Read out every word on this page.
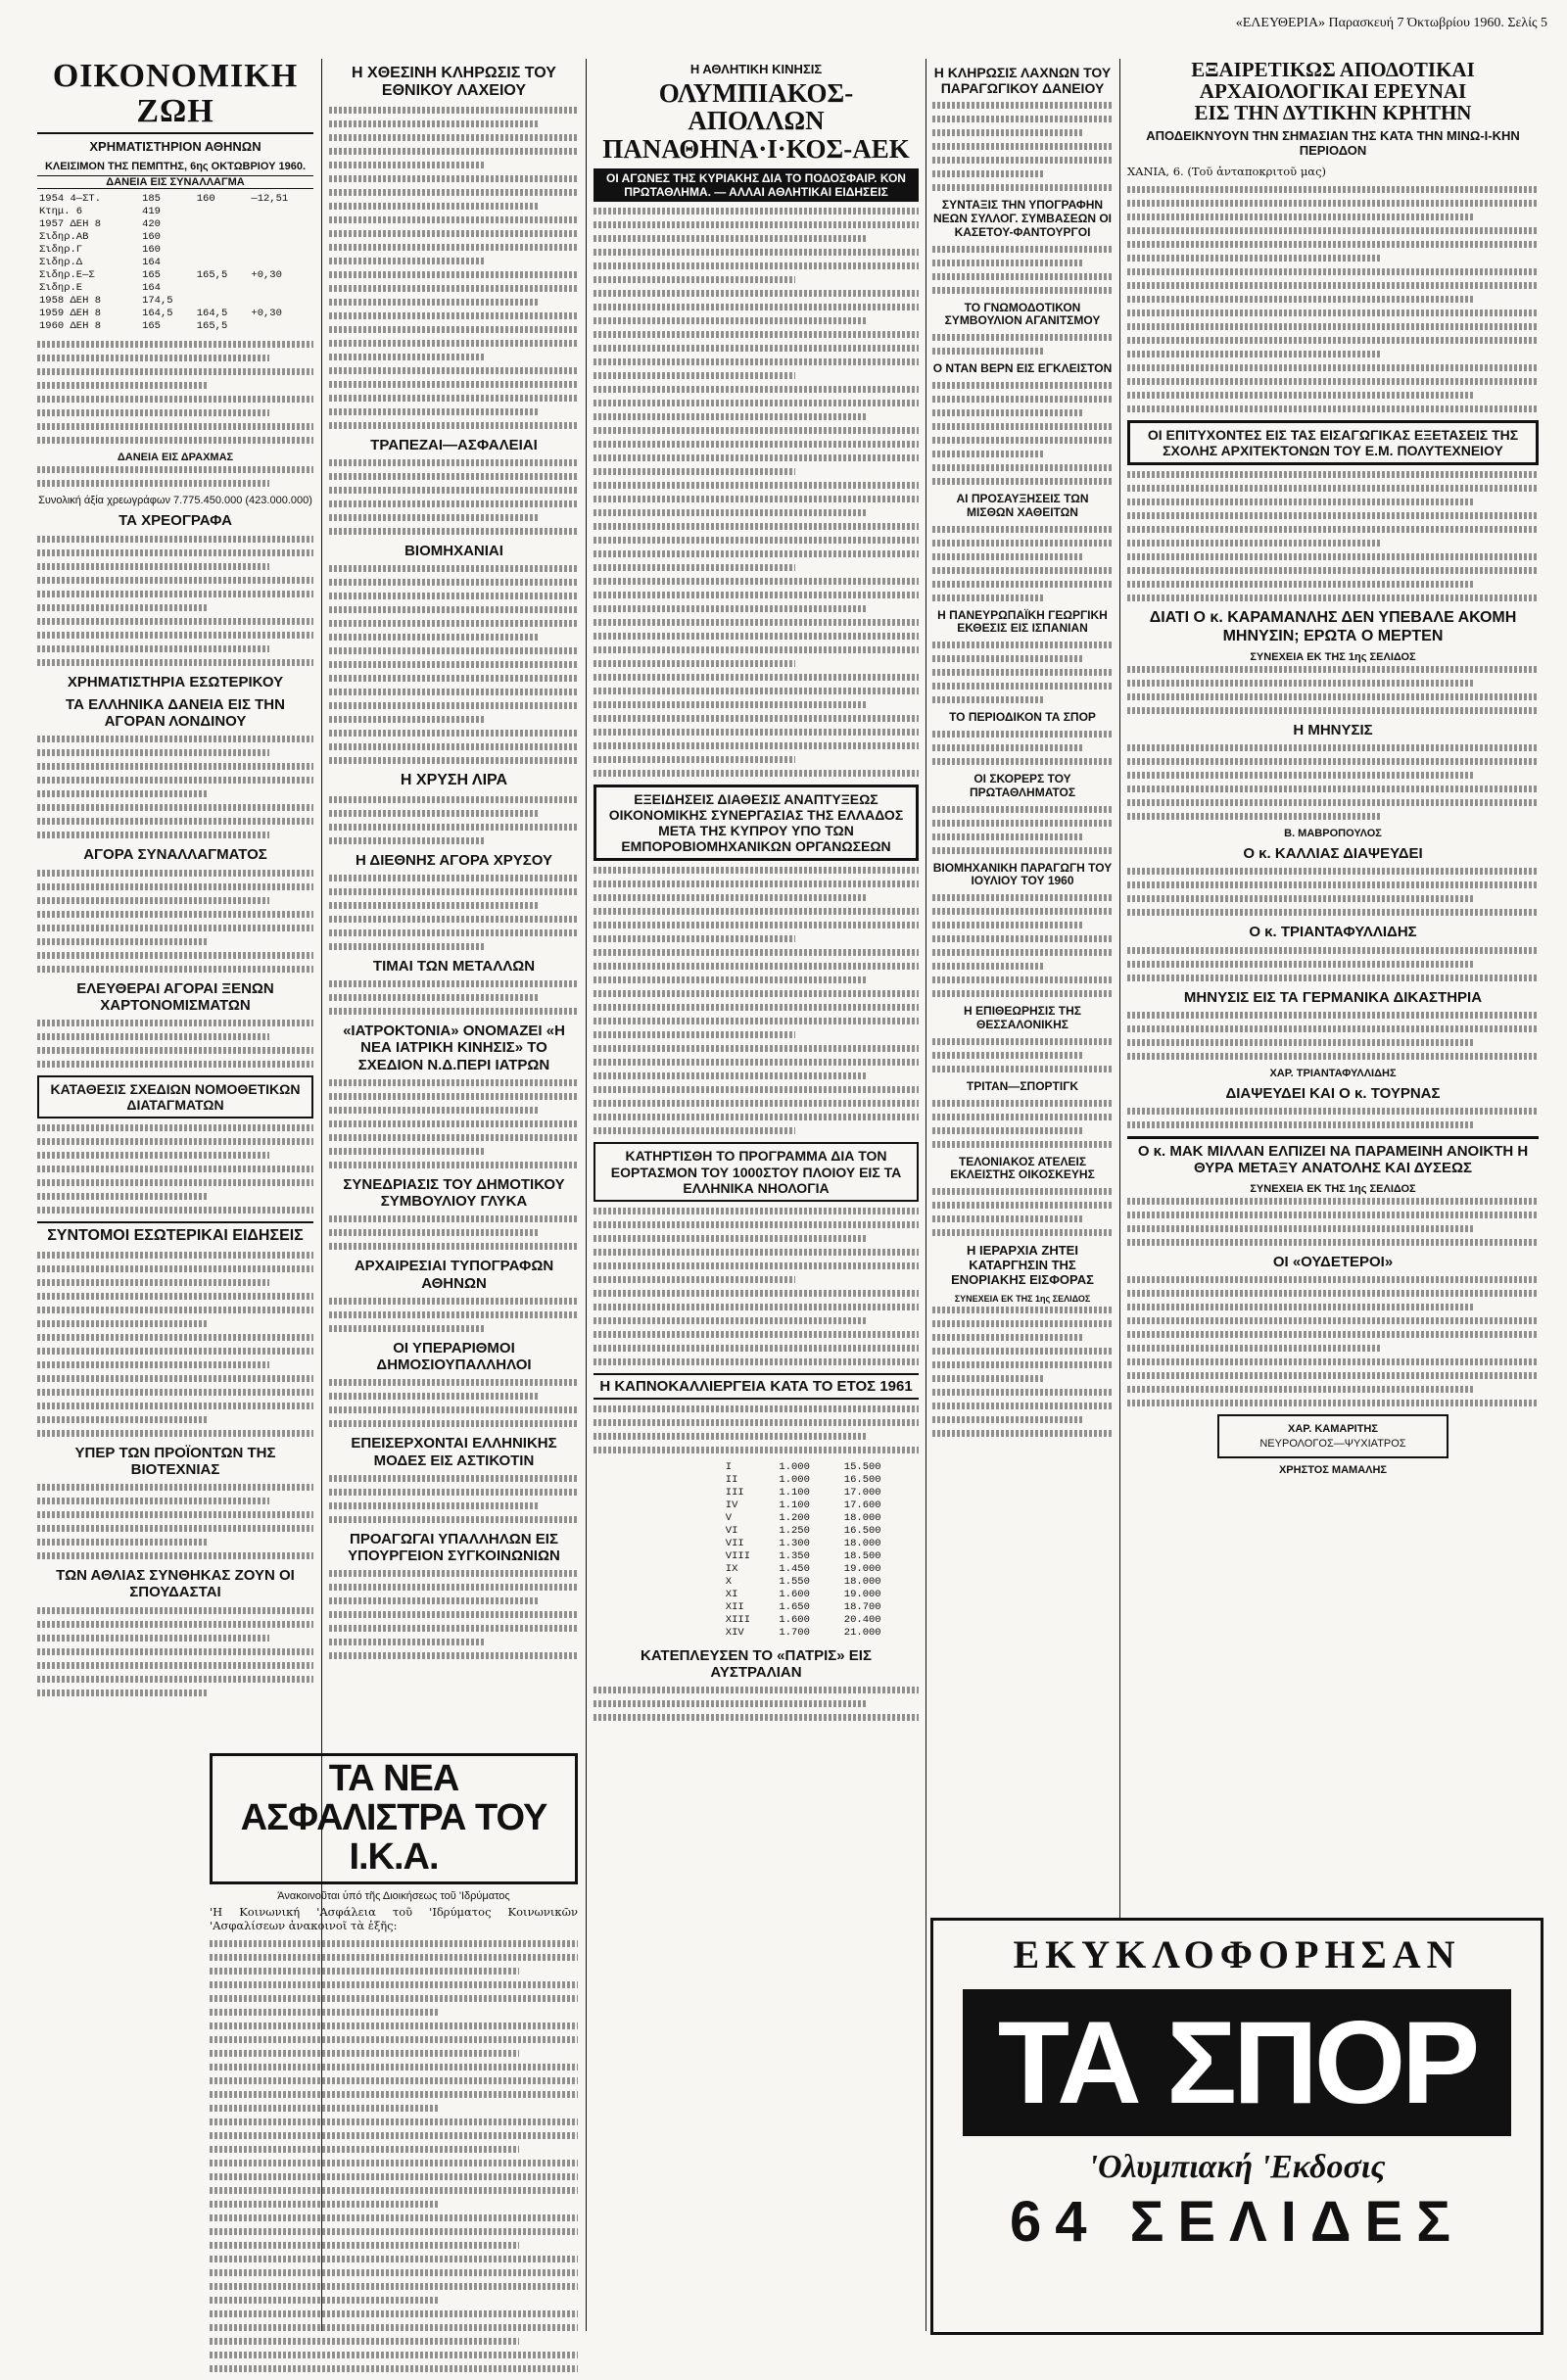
«ΕΛΕΥΘΕΡΙΑ» Παρασκευή 7 Όκτωβρίου 1960. Σελίς 5
ΟΙΚΟΝΟΜΙΚΗ ΖΩΗ
ΧΡΗΜΑΤΙΣΤΗΡΙΟΝ ΑΘΗΝΩΝ
ΚΛΕΙΣΙΜΟΝ ΤΗΣ ΠΕΜΠΤΗΣ, 6ης ΟΚΤΩΒΡΙΟΥ 1960.
ΔΑΝΕΙΑ ΕΙΣ ΣΥΝΑΛΛΑΓΜΑ
1954 4—ΣΤ.	185	160	—12,51
Κτημ. 6	419		
1957 ΔΕΗ 8	420		
Σιδηρ.ΑΒ	160		
Σιδηρ.Γ	160		
Σιδηρ.Δ	164		
Σιδηρ.Ε—Σ	165	165,5	+0,30
Σιδηρ.Ε	164		
1958 ΔΕΗ 8	174,5		
1959 ΔΕΗ 8	164,5	164,5	+0,30
1960 ΔΕΗ 8	165	165,5	
ΔΑΝΕΙΑ ΕΙΣ ΔΡΑΧΜΑΣ
Συνολική άξία χρεωγράφων 7.775.450.000 (423.000.000)
ΤΑ ΧΡΕΟΓΡΑΦΑ
ΧΡΗΜΑΤΙΣΤΗΡΙΑ ΕΣΩΤΕΡΙΚΟΥ
ΤΑ ΕΛΛΗΝΙΚΑ ΔΑΝΕΙΑ ΕΙΣ ΤΗΝ ΑΓΟΡΑΝ ΛΟΝΔΙΝΟΥ
ΑΓΟΡΑ ΣΥΝΑΛΛΑΓΜΑΤΟΣ
ΕΛΕΥΘΕΡΑΙ ΑΓΟΡΑΙ ΞΕΝΩΝ ΧΑΡΤΟΝΟΜΙΣΜΑΤΩΝ
ΚΑΤΑΘΕΣΙΣ ΣΧΕΔΙΩΝ ΝΟΜΟΘΕΤΙΚΩΝ ΔΙΑΤΑΓΜΑΤΩΝ
ΣΥΝΤΟΜΟΙ ΕΣΩΤΕΡΙΚΑΙ ΕΙΔΗΣΕΙΣ
ΥΠΕΡ ΤΩΝ ΠΡΟΪΟΝΤΩΝ ΤΗΣ ΒΙΟΤΕΧΝΙΑΣ
ΤΩΝ ΑΘΛΙΑΣ ΣΥΝΘΗΚΑΣ ΖΟΥΝ ΟΙ ΣΠΟΥΔΑΣΤΑΙ
Η ΧΘΕΣΙΝΗ ΚΛΗΡΩΣΙΣ ΤΟΥ ΕΘΝΙΚΟΥ ΛΑΧΕΙΟΥ
ΤΡΑΠΕΖΑΙ—ΑΣΦΑΛΕΙΑΙ
ΒΙΟΜΗΧΑΝΙΑΙ
Η ΧΡΥΣΗ ΛΙΡΑ
Η ΔΙΕΘΝΗΣ ΑΓΟΡΑ ΧΡΥΣΟΥ
ΤΙΜΑΙ ΤΩΝ ΜΕΤΑΛΛΩΝ
«ΙΑΤΡΟΚΤΟΝΙΑ» ΟΝΟΜΑΖΕΙ «Η ΝΕΑ ΙΑΤΡΙΚΗ ΚΙΝΗΣΙΣ» ΤΟ ΣΧΕΔΙΟΝ Ν.Δ.ΠΕΡΙ ΙΑΤΡΩΝ
ΣΥΝΕΔΡΙΑΣΙΣ ΤΟΥ ΔΗΜΟΤΙΚΟΥ ΣΥΜΒΟΥΛΙΟΥ ΓΛΥΚΑ
ΑΡΧΑΙΡΕΣΙΑΙ ΤΥΠΟΓΡΑΦΩΝ ΑΘΗΝΩΝ
ΟΙ ΥΠΕΡΑΡΙΘΜΟΙ ΔΗΜΟΣΙΟΥΠΑΛΛΗΛΟΙ
ΕΠΕΙΣΕΡΧΟΝΤΑΙ ΕΛΛΗΝΙΚΗΣ ΜΟΔΕΣ ΕΙΣ ΑΣΤΙΚΟΤΙΝ
ΠΡΟΑΓΩΓΑΙ ΥΠΑΛΛΗΛΩΝ ΕΙΣ ΥΠΟΥΡΓΕΙΟΝ ΣΥΓΚΟΙΝΩΝΙΩΝ
ΤΑ ΝΕΑ ΑΣΦΑΛΙΣΤΡΑ ΤΟΥ Ι.Κ.Α.
Άνακοινοῦται ὑπό τῆς Διοικήσεως τοῦ 'Ιδρύματος
'Η Κοινωνική 'Ασφάλεια τοῦ 'Ιδρύματος Κοινωνικῶν 'Ασφαλίσεων ἀνακοινοῖ τὰ ἑξῆς:
Η ΑΘΛΗΤΙΚΗ ΚΙΝΗΣΙΣ
ΟΛΥΜΠΙΑΚΟΣ-ΑΠΟΛΛΩΝ
ΠΑΝΑΘΗΝΑ·Ι·ΚΟΣ-ΑΕΚ
ΟΙ ΑΓΩΝΕΣ ΤΗΣ ΚΥΡΙΑΚΗΣ ΔΙΑ ΤΟ ΠΟΔΟΣΦΑΙΡ. ΚΟΝ ΠΡΩΤΑΘΛΗΜΑ. — ΑΛΛΑΙ ΑΘΛΗΤΙΚΑΙ ΕΙΔΗΣΕΙΣ
ΕΞΕΙΔΗΣΕΙΣ ΔΙΑΘΕΣΙΣ ΑΝΑΠΤΥΞΕΩΣ ΟΙΚΟΝΟΜΙΚΗΣ ΣΥΝΕΡΓΑΣΙΑΣ ΤΗΣ ΕΛΛΑΔΟΣ ΜΕΤΑ ΤΗΣ ΚΥΠΡΟΥ ΥΠΟ ΤΩΝ ΕΜΠΟΡΟΒΙΟΜΗΧΑΝΙΚΩΝ ΟΡΓΑΝΩΣΕΩΝ
ΚΑΤΗΡΤΙΣΘΗ ΤΟ ΠΡΟΓΡΑΜΜΑ ΔΙΑ ΤΟΝ ΕΟΡΤΑΣΜΟΝ ΤΟΥ 1000ΣΤΟΥ ΠΛΟΙΟΥ ΕΙΣ ΤΑ ΕΛΛΗΝΙΚΑ ΝΗΟΛΟΓΙΑ
Η ΚΑΠΝΟΚΑΛΛΙΕΡΓΕΙΑ ΚΑΤΑ ΤΟ ΕΤΟΣ 1961
I	1.000	15.500
II	1.000	16.500
III	1.100	17.000
IV	1.100	17.600
V	1.200	18.000
VI	1.250	16.500
VII	1.300	18.000
VIII	1.350	18.500
IX	1.450	19.000
X	1.550	18.000
XI	1.600	19.000
XII	1.650	18.700
XIII	1.600	20.400
XIV	1.700	21.000
ΚΑΤΕΠΛΕΥΣΕΝ ΤΟ «ΠΑΤΡΙΣ» ΕΙΣ ΑΥΣΤΡΑΛΙΑΝ
Η ΚΛΗΡΩΣΙΣ ΛΑΧΝΩΝ ΤΟΥ ΠΑΡΑΓΩΓΙΚΟΥ ΔΑΝΕΙΟΥ
ΣΥΝΤΑΞΙΣ ΤΗΝ ΥΠΟΓΡΑΦΗΝ ΝΕΩΝ ΣΥΛΛΟΓ. ΣΥΜΒΑΣΕΩΝ ΟΙ ΚΑΣΕΤΟΥ-ΦΑΝΤΟΥΡΓΟΙ
ΤΟ ΓΝΩΜΟΔΟΤΙΚΟΝ ΣΥΜΒΟΥΛΙΟΝ ΑΓΑΝΙΤΣΜΟΥ
Ο ΝΤΑΝ ΒΕΡΝ ΕΙΣ ΕΓΚΛΕΙΣΤΟΝ
ΑΙ ΠΡΟΣΑΥΞΗΣΕΙΣ ΤΩΝ ΜΙΣΘΩΝ ΧΑΘΕΙΤΩΝ
Η ΠΑΝΕΥΡΩΠΑΪΚΗ ΓΕΩΡΓΙΚΗ ΕΚΘΕΣΙΣ ΕΙΣ ΙΣΠΑΝΙΑΝ
ΤΟ ΠΕΡΙΟΔΙΚΟΝ ΤΑ ΣΠΟΡ
ΟΙ ΣΚΟΡΕΡΣ ΤΟΥ ΠΡΩΤΑΘΛΗΜΑΤΟΣ
ΒΙΟΜΗΧΑΝΙΚΗ ΠΑΡΑΓΩΓΗ ΤΟΥ ΙΟΥΛΙΟΥ ΤΟΥ 1960
Η ΕΠΙΘΕΩΡΗΣΙΣ ΤΗΣ ΘΕΣΣΑΛΟΝΙΚΗΣ
ΤΡΙΤΑΝ—ΣΠΟΡΤΙΓΚ
ΤΕΛΟΝΙΑΚΟΣ ΑΤΕΛΕΙΣ ΕΚΛΕΙΣΤΗΣ ΟΙΚΟΣΚΕΥΗΣ
Η ΙΕΡΑΡΧΙΑ ΖΗΤΕΙ ΚΑΤΑΡΓΗΣΙΝ ΤΗΣ ΕΝΟΡΙΑΚΗΣ ΕΙΣΦΟΡΑΣ
ΣΥΝΕΧΕΙΑ ΕΚ ΤΗΣ 1ης ΣΕΛΙΔΟΣ
ΕΞΑΙΡΕΤΙΚΩΣ ΑΠΟΔΟΤΙΚΑΙ
ΑΡΧΑΙΟΛΟΓΙΚΑΙ ΕΡΕΥΝΑΙ
ΕΙΣ ΤΗΝ ΔΥΤΙΚΗΝ ΚΡΗΤΗΝ
ΑΠΟΔΕΙΚΝΥΟΥΝ ΤΗΝ ΣΗΜΑΣΙΑΝ ΤΗΣ ΚΑΤΑ ΤΗΝ ΜΙΝΩ-Ι-ΚΗΝ ΠΕΡΙΟΔΟΝ
ΧΑΝΙΑ, 6. (Τοῦ ἀνταποκριτοῦ μας)
ΟΙ ΕΠΙΤΥΧΟΝΤΕΣ ΕΙΣ ΤΑΣ ΕΙΣΑΓΩΓΙΚΑΣ ΕΞΕΤΑΣΕΙΣ ΤΗΣ ΣΧΟΛΗΣ ΑΡΧΙΤΕΚΤΟΝΩΝ ΤΟΥ Ε.Μ. ΠΟΛΥΤΕΧΝΕΙΟΥ
ΔΙΑΤΙ Ο κ. ΚΑΡΑΜΑΝΛΗΣ ΔΕΝ ΥΠΕΒΑΛΕ ΑΚΟΜΗ ΜΗΝΥΣΙΝ; ΕΡΩΤΑ Ο ΜΕΡΤΕΝ
ΣΥΝΕΧΕΙΑ ΕΚ ΤΗΣ 1ης ΣΕΛΙΔΟΣ
Η ΜΗΝΥΣΙΣ
Β. ΜΑΒΡΟΠΟΥΛΟΣ
Ο κ. ΚΑΛΛΙΑΣ ΔΙΑΨΕΥΔΕΙ
Ο κ. ΤΡΙΑΝΤΑΦΥΛΛΙΔΗΣ
ΜΗΝΥΣΙΣ ΕΙΣ ΤΑ ΓΕΡΜΑΝΙΚΑ ΔΙΚΑΣΤΗΡΙΑ
ΧΑΡ. ΤΡΙΑΝΤΑΦΥΛΛΙΔΗΣ
ΔΙΑΨΕΥΔΕΙ ΚΑΙ Ο κ. ΤΟΥΡΝΑΣ
Ο κ. ΜΑΚ ΜΙΛΛΑΝ ΕΛΠΙΖΕΙ ΝΑ ΠΑΡΑΜΕΙΝΗ ΑΝΟΙΚΤΗ Η ΘΥΡΑ ΜΕΤΑΞΥ ΑΝΑΤΟΛΗΣ ΚΑΙ ΔΥΣΕΩΣ
ΣΥΝΕΧΕΙΑ ΕΚ ΤΗΣ 1ης ΣΕΛΙΔΟΣ
ΟΙ «ΟΥΔΕΤΕΡΟΙ»
ΧΑΡ. ΚΑΜΑΡΙΤΗΣ
ΝΕΥΡΟΛΟΓΟΣ—ΨΥΧΙΑΤΡΟΣ
ΧΡΗΣΤΟΣ ΜΑΜΑΛΗΣ
ΕΚΥΚΛΟΦΟΡΗΣΑΝ
ΤΑ ΣΠΟΡ
'Ολυμπιακή 'Εκδοσις
64 ΣΕΛΙΔΕΣ
